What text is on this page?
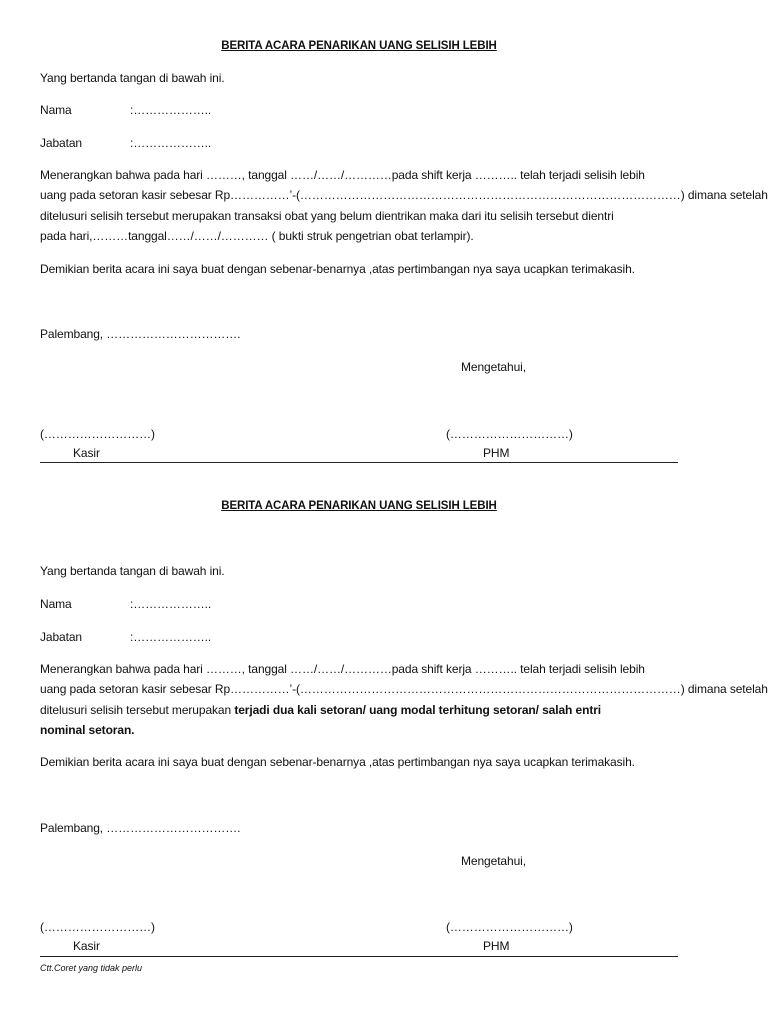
BERITA ACARA PENARIKAN UANG SELISIH LEBIH
Yang bertanda tangan di bawah ini.
Nama	:………………..
Jabatan	:………………..
Menerangkan bahwa pada hari ………, tanggal ……/……/…………pada shift kerja ……….. telah terjadi selisih lebih
uang pada setoran kasir sebesar Rp……………’-(……………………………………………………………………………………) dimana setelah
ditelusuri selisih tersebut merupakan transaksi obat yang belum dientrikan maka dari itu selisih tersebut dientri
pada hari,………tanggal……/……/………… ( bukti struk pengetrian obat terlampir).
Demikian berita acara ini saya buat dengan sebenar-benarnya ,atas pertimbangan nya saya ucapkan terimakasih.
Palembang, …………………………….
Mengetahui,
(………………………)	(…………………………)
Kasir	PHM
BERITA ACARA PENARIKAN UANG SELISIH LEBIH
Yang bertanda tangan di bawah ini.
Nama	:………………..
Jabatan	:………………..
Menerangkan bahwa pada hari ………, tanggal ……/……/…………pada shift kerja ……….. telah terjadi selisih lebih
uang pada setoran kasir sebesar Rp……………’-(……………………………………………………………………………………) dimana setelah
ditelusuri selisih tersebut merupakan terjadi dua kali setoran/ uang modal terhitung setoran/ salah entri
nominal setoran.
Demikian berita acara ini saya buat dengan sebenar-benarnya ,atas pertimbangan nya saya ucapkan terimakasih.
Palembang, …………………………….
Mengetahui,
(………………………)	(…………………………)
Kasir	PHM
Ctt.Coret yang tidak perlu
